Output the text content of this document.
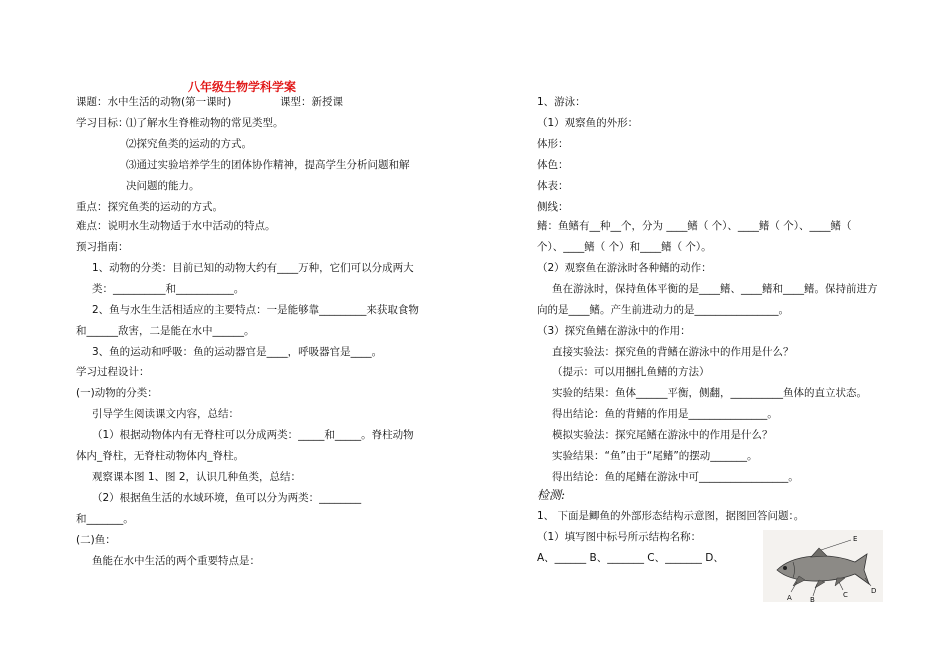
八年级生物学科学案
课题：水中生活的动物(第一课时)	课型：新授课
学习目标：
⑴了解水生脊椎动物的常见类型。
⑵探究鱼类的运动的方式。
⑶通过实验培养学生的团体协作精神，提高学生分析问题和解
决问题的能力。
重点：探究鱼类的运动的方式。
难点：说明水生动物适于水中活动的特点。
预习指南：
1、动物的分类：目前已知的动物大约有____万种，它们可以分成两大
类：__________和___________。
2、鱼与水生生活相适应的主要特点：一是能够靠_________来获取食物
和______敌害，二是能在水中______。
3、鱼的运动和呼吸：鱼的运动器官是____，呼吸器官是____。
学习过程设计：
(一)动物的分类：
引导学生阅读课文内容，总结：
（1）根据动物体内有无脊柱可以分成两类：_____和_____。脊柱动物
体内_脊柱，无脊柱动物体内_脊柱。
观察课本图 1、图 2，认识几种鱼类，总结：
（2）根据鱼生活的水域环境，鱼可以分为两类：________
和_______。
(二)鱼：
鱼能在水中生活的两个重要特点是：
1、游泳：
（1）观察鱼的外形：
体形：
体色：
体表：
侧线：
鳍：鱼鳍有__种__个，分为 ____鳍（ 个）、____鳍（ 个）、____鳍（
个）、____鳍（ 个）和____鳍（ 个）。
（2）观察鱼在游泳时各种鳍的动作：
鱼在游泳时，保持鱼体平衡的是____鳍、____鳍和____鳍。保持前进方
向的是____鳍。产生前进动力的是________________。
（3）探究鱼鳍在游泳中的作用：
直接实验法：探究鱼的背鳍在游泳中的作用是什么？
（提示：可以用捆扎鱼鳍的方法）
实验的结果：鱼体______平衡，侧翻，__________鱼体的直立状态。
得出结论：鱼的背鳍的作用是_______________。
模拟实验法：探究尾鳍在游泳中的作用是什么？
实验结果：“鱼”由于“尾鳍”的摆动_______。
得出结论：鱼的尾鳍在游泳中可_________________。
检测:
1、 下面是鲫鱼的外部形态结构示意图，据图回答问题：。
（1）填写图中标号所示结构名称：
A、______ B、_______ C、_______ D、
E
A	B
C	D
